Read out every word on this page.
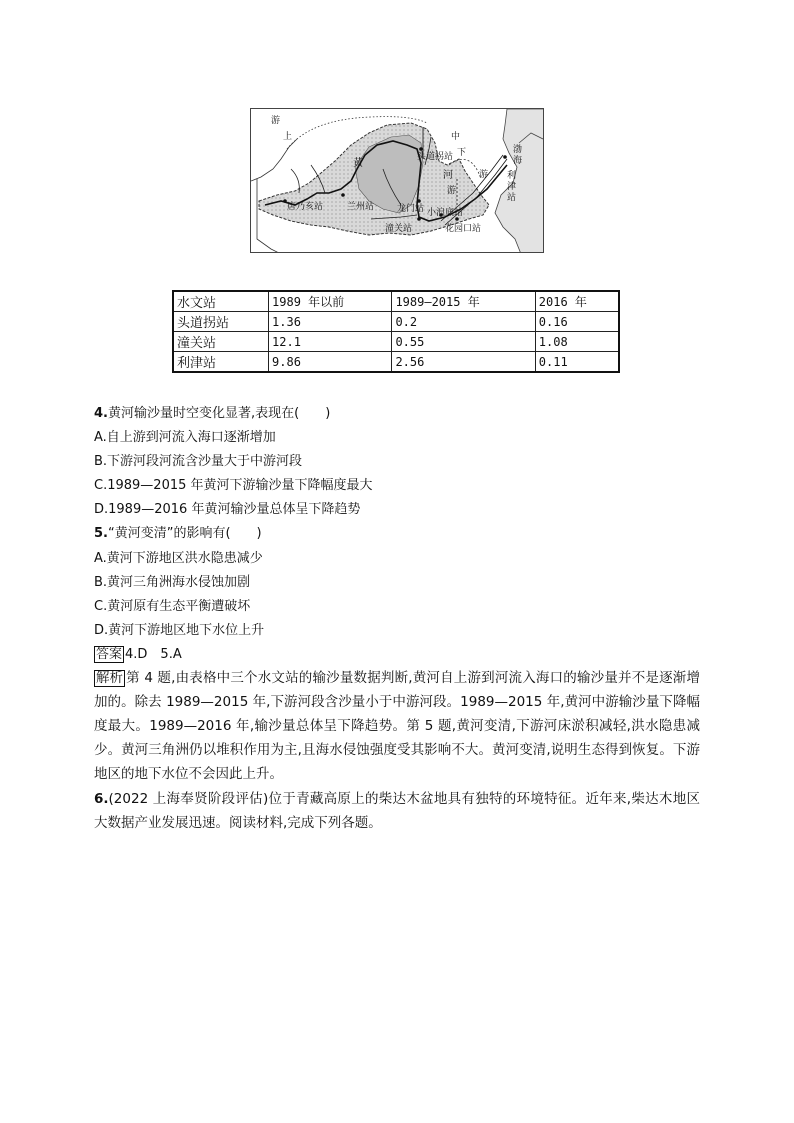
上
游
中
黄
河
游
下
游
渤海
利津站
头道拐站
唐乃亥站	兰州站	龙门站 小浪底站
潼关站	花园口站
水文站	1989 年以前	1989—2015 年	2016 年
头道拐站	1.36	0.2	0.16
潼关站	12.1	0.55	1.08
利津站	9.86	2.56	0.11
4.黄河输沙量时空变化显著,表现在(　　)
A.自上游到河流入海口逐渐增加
B.下游河段河流含沙量大于中游河段
C.1989—2015 年黄河下游输沙量下降幅度最大
D.1989—2016 年黄河输沙量总体呈下降趋势
5.“黄河变清”的影响有(　　)
A.黄河下游地区洪水隐患减少
B.黄河三角洲海水侵蚀加剧
C.黄河原有生态平衡遭破坏
D.黄河下游地区地下水位上升
答案 4.D　5.A
解析 第 4 题,由表格中三个水文站的输沙量数据判断,黄河自上游到河流入海口的输沙量并不是逐渐增加的。除去 1989—2015 年,下游河段含沙量小于中游河段。1989—2015 年,黄河中游输沙量下降幅度最大。1989—2016 年,输沙量总体呈下降趋势。第 5 题,黄河变清,下游河床淤积减轻,洪水隐患减少。黄河三角洲仍以堆积作用为主,且海水侵蚀强度受其影响不大。黄河变清,说明生态得到恢复。下游地区的地下水位不会因此上升。
6.(2022 上海奉贤阶段评估)位于青藏高原上的柴达木盆地具有独特的环境特征。近年来,柴达木地区大数据产业发展迅速。阅读材料,完成下列各题。
